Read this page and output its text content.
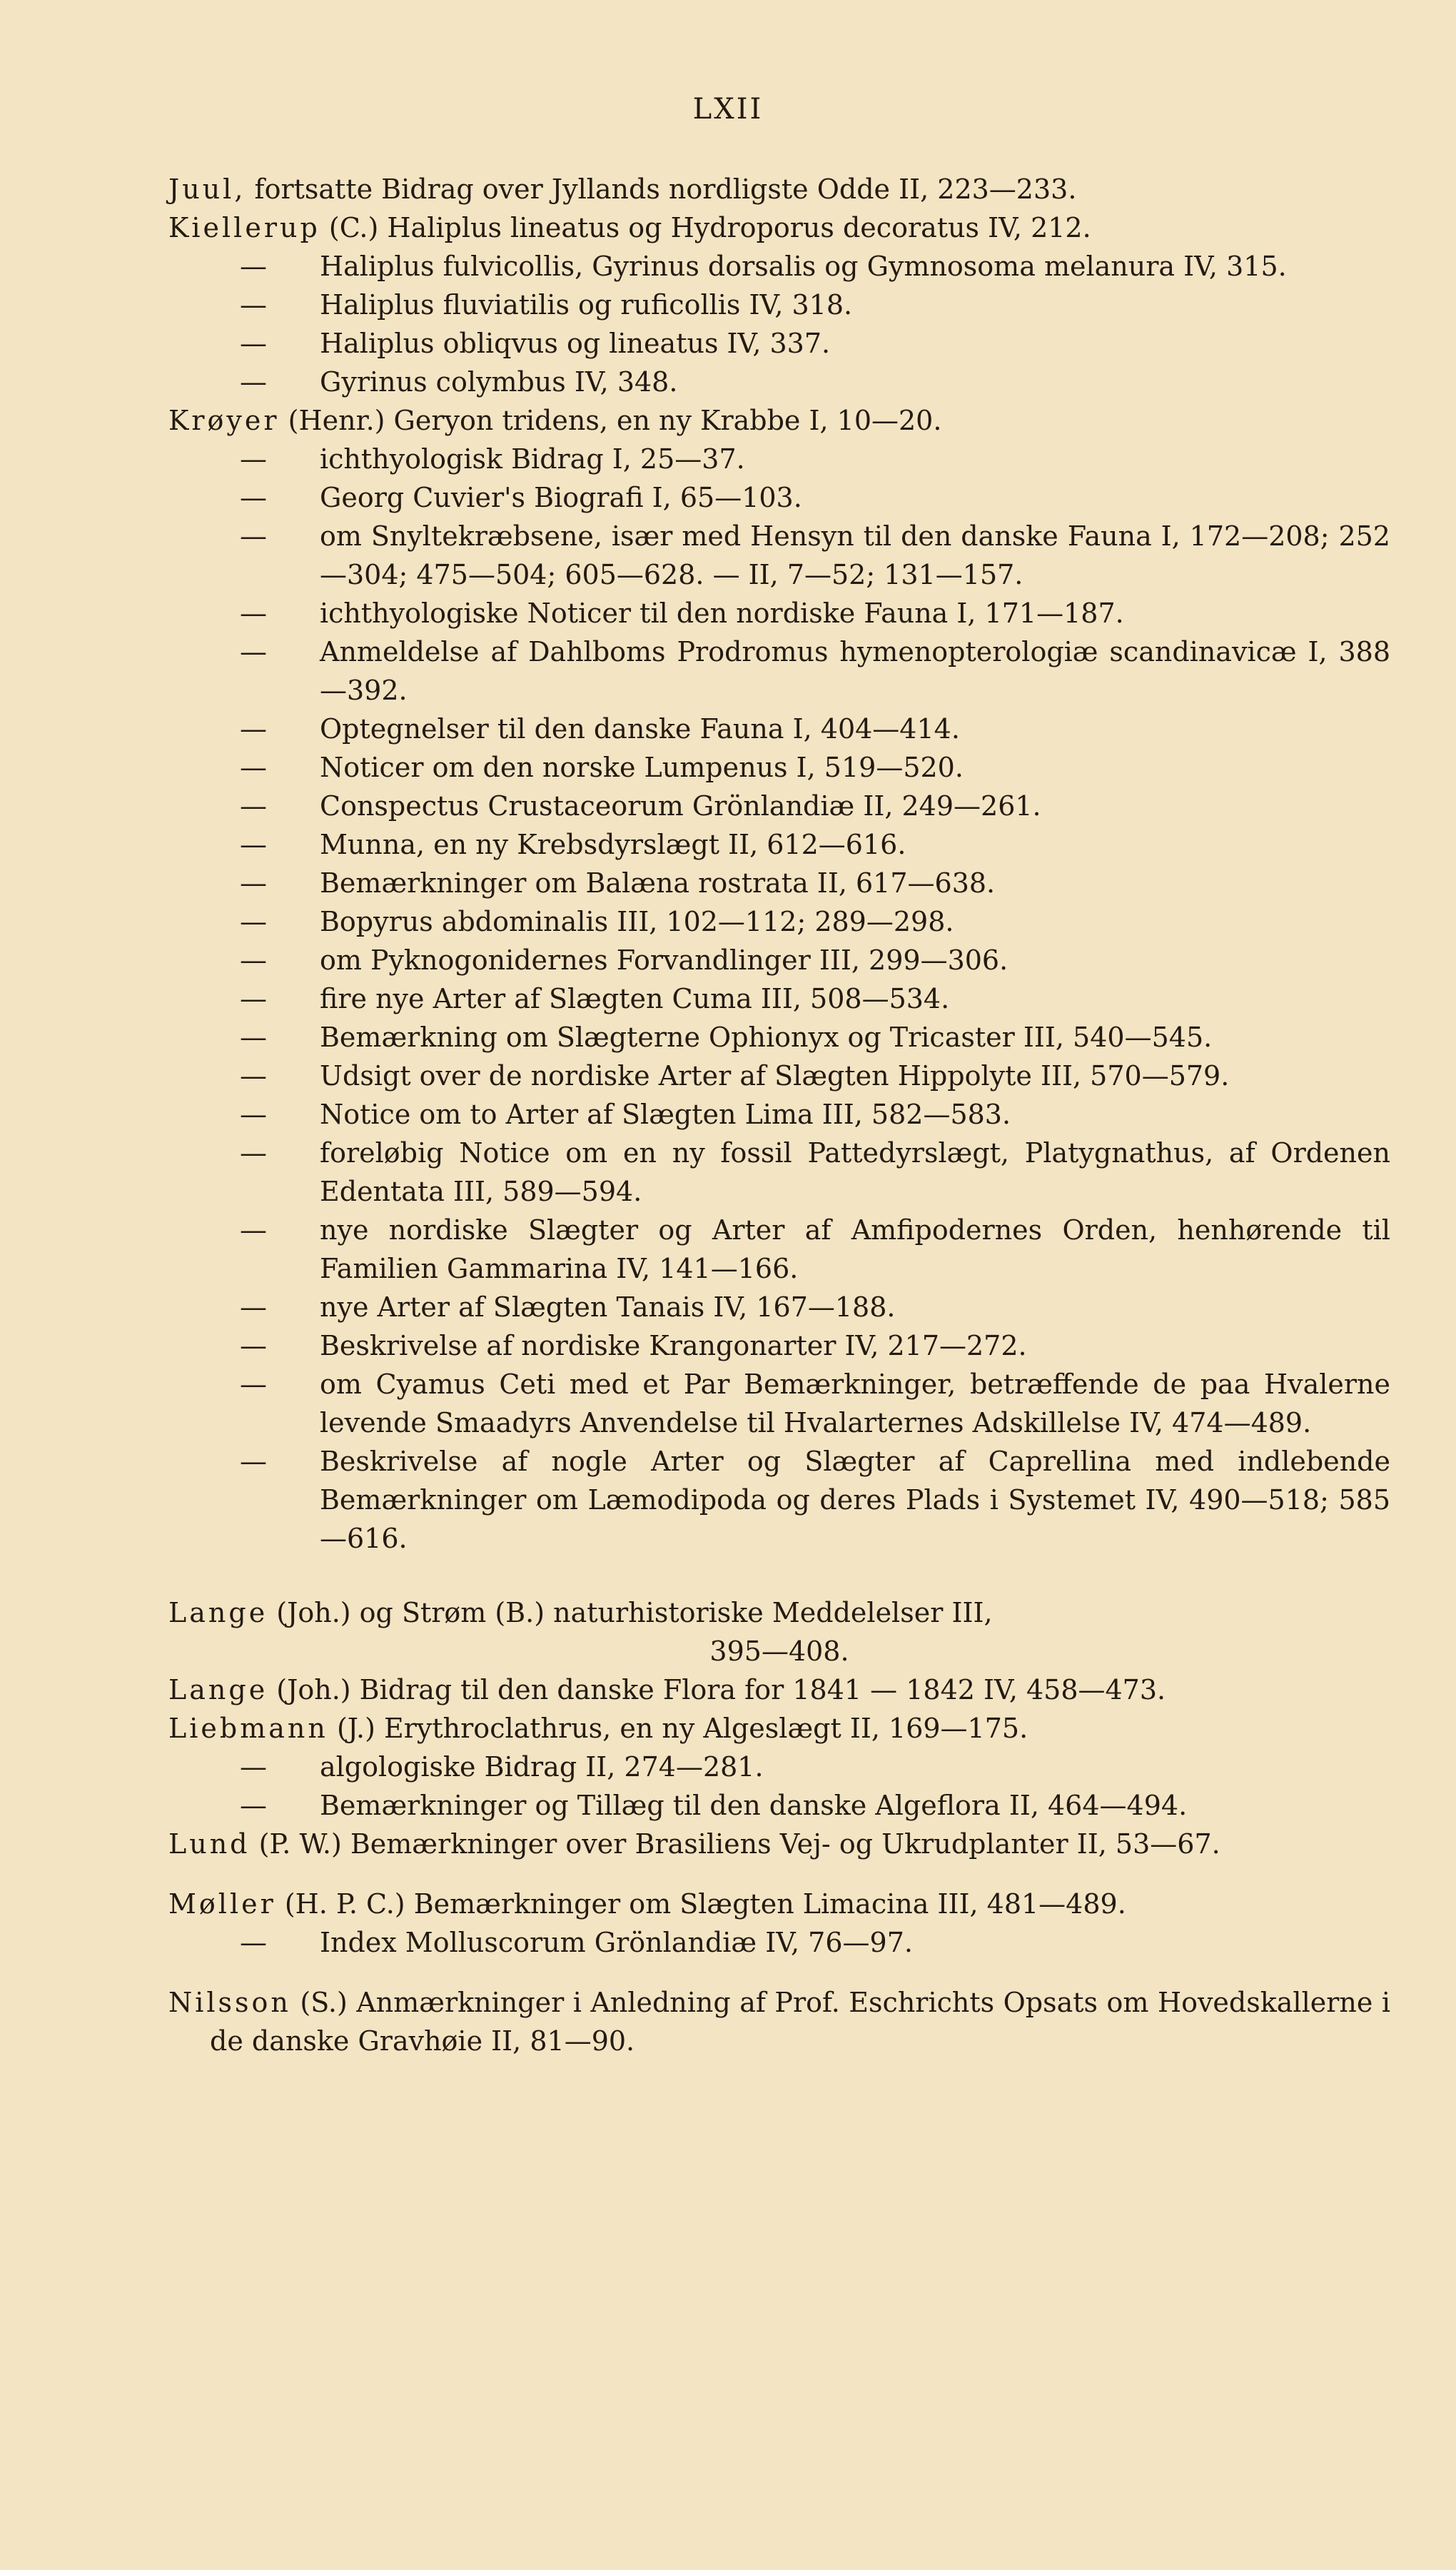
LXII
Juul, fortsatte Bidrag over Jyllands nordligste Odde II, 223—233.
Kiellerup (C.) Haliplus lineatus og Hydroporus decoratus IV, 212.
— Haliplus fulvicollis, Gyrinus dorsalis og Gymnosoma melanura IV, 315.
— Haliplus fluviatilis og ruficollis IV, 318.
— Haliplus obliqvus og lineatus IV, 337.
— Gyrinus colymbus IV, 348.
Krøyer (Henr.) Geryon tridens, en ny Krabbe I, 10—20.
— ichthyologisk Bidrag I, 25—37.
— Georg Cuvier's Biografi I, 65—103.
— om Snyltekræbsene, især med Hensyn til den danske Fauna I, 172—208; 252—304; 475—504; 605—628. — II, 7—52; 131—157.
— ichthyologiske Noticer til den nordiske Fauna I, 171—187.
— Anmeldelse af Dahlboms Prodromus hymenopterologiæ scandinavicæ I, 388—392.
— Optegnelser til den danske Fauna I, 404—414.
— Noticer om den norske Lumpenus I, 519—520.
— Conspectus Crustaceorum Grönlandiæ II, 249—261.
— Munna, en ny Krebsdyrslægt II, 612—616.
— Bemærkninger om Balæna rostrata II, 617—638.
— Bopyrus abdominalis III, 102—112; 289—298.
— om Pyknogonidernes Forvandlinger III, 299—306.
— fire nye Arter af Slægten Cuma III, 508—534.
— Bemærkning om Slægterne Ophionyx og Tricaster III, 540—545.
— Udsigt over de nordiske Arter af Slægten Hippolyte III, 570—579.
— Notice om to Arter af Slægten Lima III, 582—583.
— foreløbig Notice om en ny fossil Pattedyrslægt, Platygnathus, af Ordenen Edentata III, 589—594.
— nye nordiske Slægter og Arter af Amfipodernes Orden, henhørende til Familien Gammarina IV, 141—166.
— nye Arter af Slægten Tanais IV, 167—188.
— Beskrivelse af nordiske Krangonarter IV, 217—272.
— om Cyamus Ceti med et Par Bemærkninger, betræffende de paa Hvalerne levende Smaadyrs Anvendelse til Hvalarternes Adskillelse IV, 474—489.
— Beskrivelse af nogle Arter og Slægter af Caprellina med indlebende Bemærkninger om Læmodipoda og deres Plads i Systemet IV, 490—518; 585—616.
Lange (Joh.) og Strøm (B.) naturhistoriske Meddelelser III,
395—408.
Lange (Joh.) Bidrag til den danske Flora for 1841 — 1842 IV, 458—473.
Liebmann (J.) Erythroclathrus, en ny Algeslægt II, 169—175.
— algologiske Bidrag II, 274—281.
— Bemærkninger og Tillæg til den danske Algeflora II, 464—494.
Lund (P. W.) Bemærkninger over Brasiliens Vej- og Ukrudplanter II, 53—67.
Møller (H. P. C.) Bemærkninger om Slægten Limacina III, 481—489.
— Index Molluscorum Grönlandiæ IV, 76—97.
Nilsson (S.) Anmærkninger i Anledning af Prof. Eschrichts Opsats om Hovedskallerne i de danske Gravhøie II, 81—90.
